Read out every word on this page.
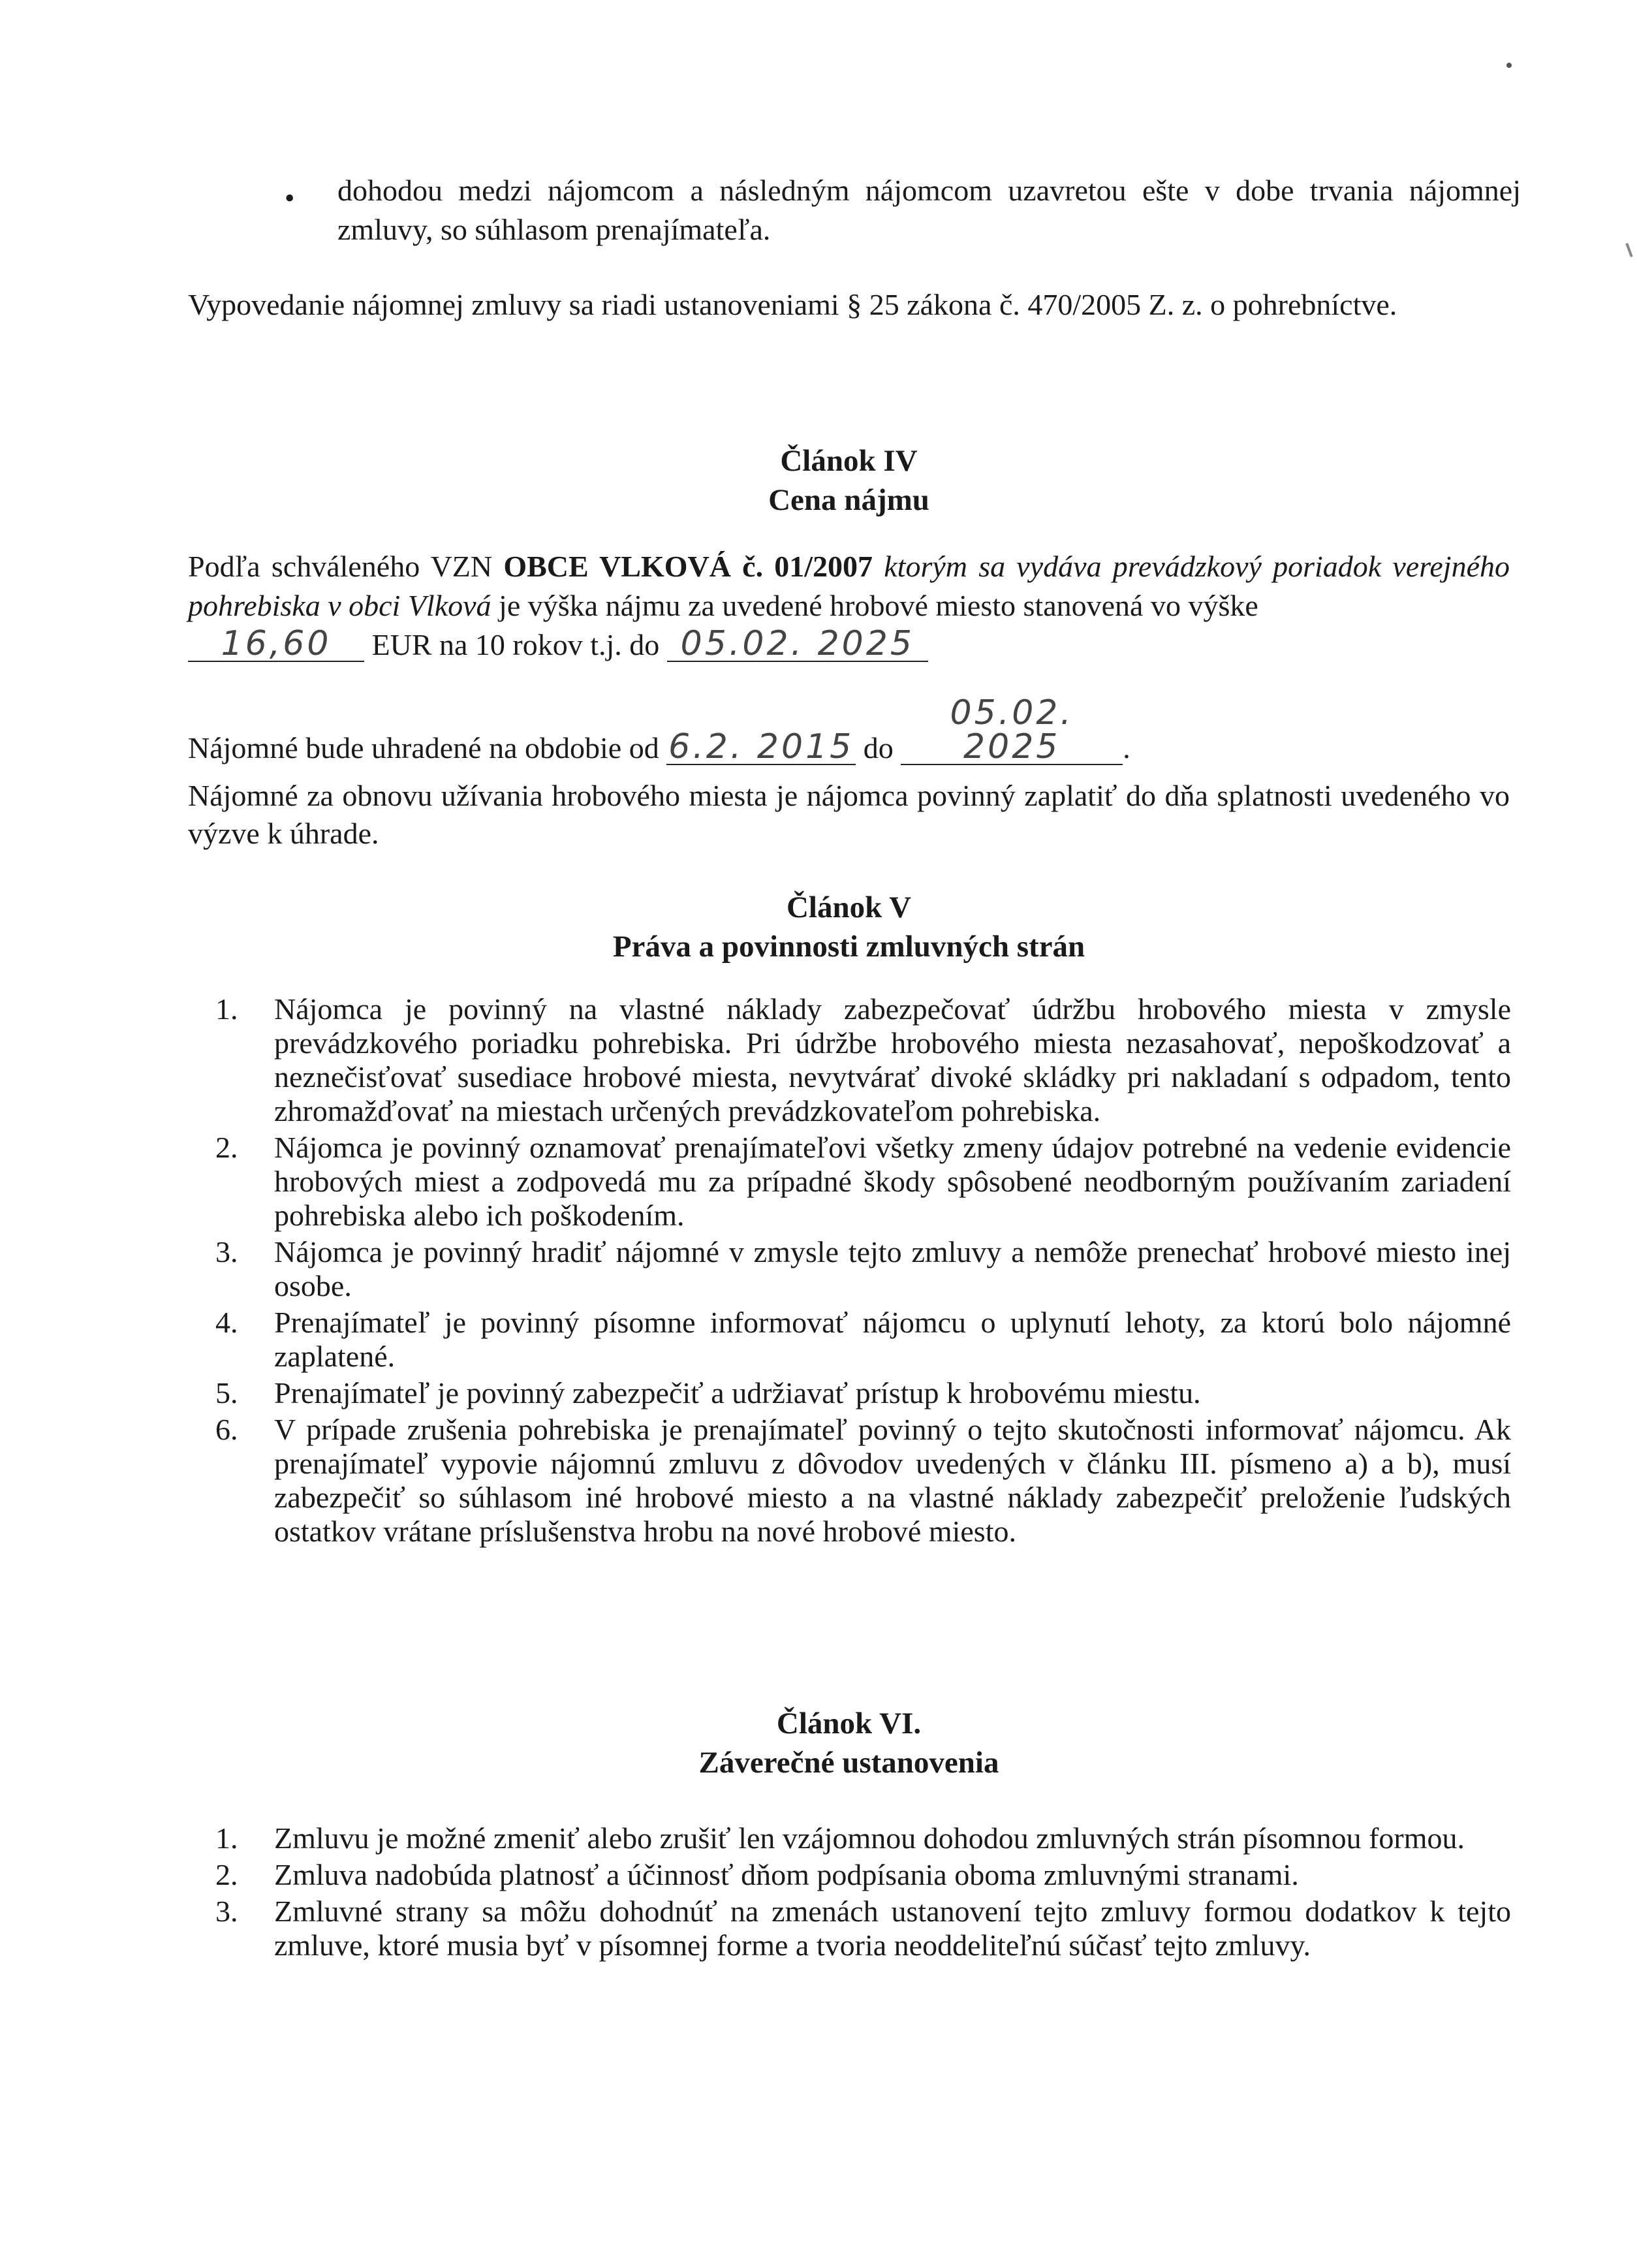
• dohodou medzi nájomcom a následným nájomcom uzavretou ešte v dobe trvania nájomnej zmluvy, so súhlasom prenajímateľa.
Vypovedanie nájomnej zmluvy sa riadi ustanoveniami § 25 zákona č. 470/2005 Z. z. o pohrebníctve.
Článok IV
Cena nájmu
Podľa schváleného VZN OBCE VLKOVÁ č. 01/2007 ktorým sa vydáva prevádzkový poriadok verejného pohrebiska v obci Vlková je výška nájmu za uvedené hrobové miesto stanovená vo výške
16,60 EUR na 10 rokov t.j. do 05.02. 2025
Nájomné bude uhradené na obdobie od 6.2. 2015 do 05.02. 2025 .
Nájomné za obnovu užívania hrobového miesta je nájomca povinný zaplatiť do dňa splatnosti uvedeného vo výzve k úhrade.
Článok V
Práva a povinnosti zmluvných strán
1. Nájomca je povinný na vlastné náklady zabezpečovať údržbu hrobového miesta v zmysle prevádzkového poriadku pohrebiska. Pri údržbe hrobového miesta nezasahovať, nepoškodzovať a neznečisťovať susediace hrobové miesta, nevytvárať divoké skládky pri nakladaní s odpadom, tento zhromažďovať na miestach určených prevádzkovateľom pohrebiska.
2. Nájomca je povinný oznamovať prenajímateľovi všetky zmeny údajov potrebné na vedenie evidencie hrobových miest a zodpovedá mu za prípadné škody spôsobené neodborným používaním zariadení pohrebiska alebo ich poškodením.
3. Nájomca je povinný hradiť nájomné v zmysle tejto zmluvy a nemôže prenechať hrobové miesto inej osobe.
4. Prenajímateľ je povinný písomne informovať nájomcu o uplynutí lehoty, za ktorú bolo nájomné zaplatené.
5. Prenajímateľ je povinný zabezpečiť a udržiavať prístup k hrobovému miestu.
6. V prípade zrušenia pohrebiska je prenajímateľ povinný o tejto skutočnosti informovať nájomcu. Ak prenajímateľ vypovie nájomnú zmluvu z dôvodov uvedených v článku III. písmeno a) a b), musí zabezpečiť so súhlasom iné hrobové miesto a na vlastné náklady zabezpečiť preloženie ľudských ostatkov vrátane príslušenstva hrobu na nové hrobové miesto.
Článok VI.
Záverečné ustanovenia
1. Zmluvu je možné zmeniť alebo zrušiť len vzájomnou dohodou zmluvných strán písomnou formou.
2. Zmluva nadobúda platnosť a účinnosť dňom podpísania oboma zmluvnými stranami.
3. Zmluvné strany sa môžu dohodnúť na zmenách ustanovení tejto zmluvy formou dodatkov k tejto zmluve, ktoré musia byť v písomnej forme a tvoria neoddeliteľnú súčasť tejto zmluvy.
